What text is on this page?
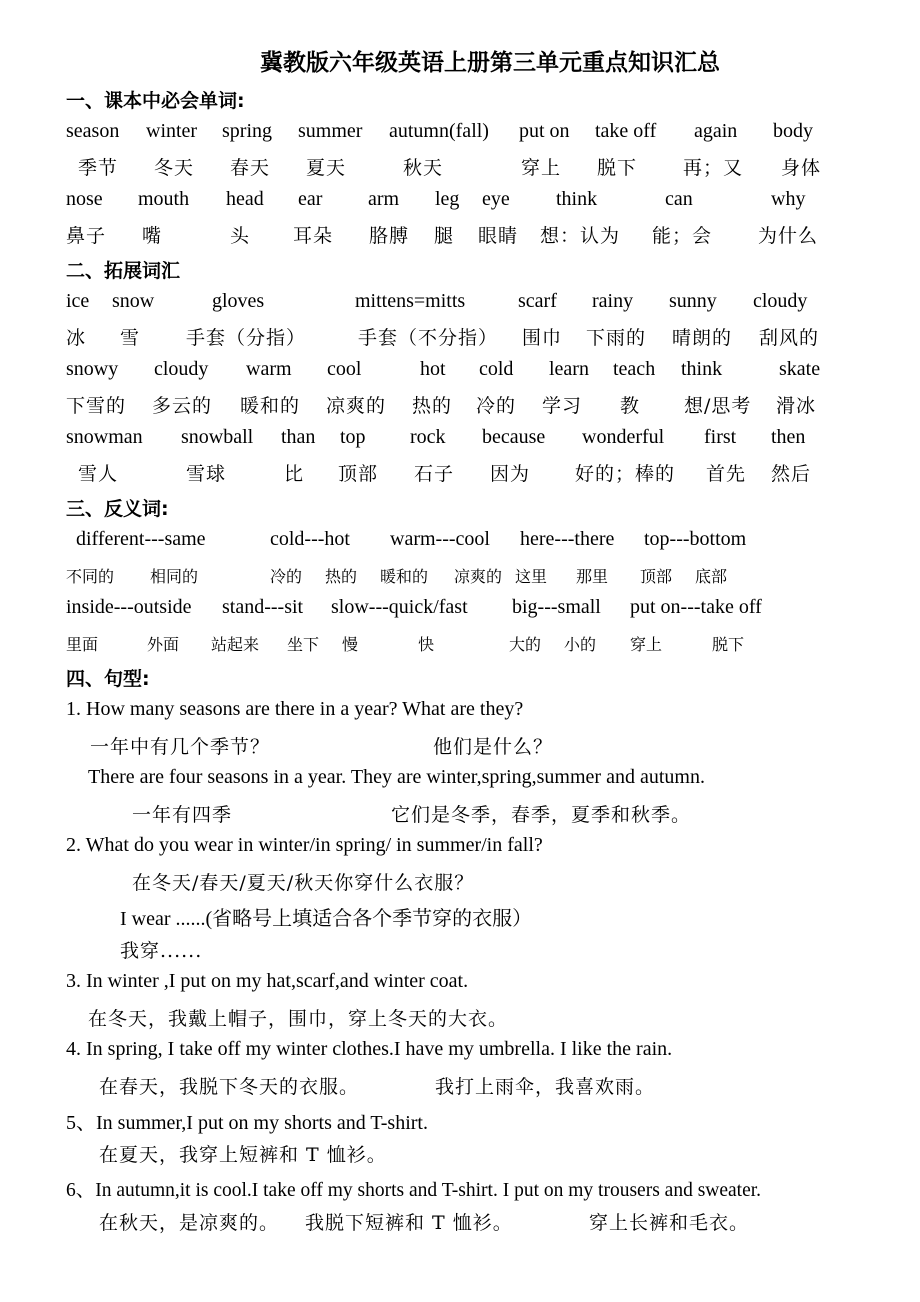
冀教版六年级英语上册第三单元重点知识汇总
一、课本中必会单词:
season winter spring summer autumn(fall) put on take off again body
季节 冬天 春天 夏天	秋天	穿上 脱下 再；又 身体
nose mouth head ear arm leg eye think	can	why
鼻子 嘴	头 耳朵 胳膊 腿 眼睛 想：认为 能；会 为什么
二、拓展词汇
ice snow	gloves	mittens=mitts	scarf rainy sunny cloudy
冰 雪 手套（分指）	手套（不分指） 围巾 下雨的 晴朗的 刮风的
snowy cloudy warm cool	hot cold learn teach think	skate
下雪的 多云的 暖和的 凉爽的 热的 冷的 学习 教 想/思考 滑冰
snowman snowball than top rock because wonderful first then
雪人	雪球	比 顶部 石子 因为 好的；棒的 首先 然后
三、反义词:
different---same	cold---hot warm---cool here---there top---bottom
不同的 相同的	冷的 热的 暖和的 凉爽的 这里 那里 顶部 底部
inside---outside stand---sit slow---quick/fast big---small put on---take off
里面	外面 站起来 坐下 慢	快	大的 小的 穿上	脱下
四、句型:
1. How many seasons are there in a year? What are they?
一年中有几个季节？	他们是什么？
There are four seasons in a year. They are winter,spring,summer and autumn.
一年有四季	它们是冬季，春季，夏季和秋季。
2. What do you wear in winter/in spring/ in summer/in fall?
在冬天/春天/夏天/秋天你穿什么衣服？
I wear ......(省略号上填适合各个季节穿的衣服）
我穿......
3. In winter ,I put on my hat,scarf,and winter coat.
在冬天，我戴上帽子，围巾，穿上冬天的大衣。
4. In spring, I take off my winter clothes.I have my umbrella. I like the rain.
在春天，我脱下冬天的衣服。	我打上雨伞，我喜欢雨。
5、In summer,I put on my shorts and T-shirt.
在夏天，我穿上短裤和 T 恤衫。
6、In autumn,it is cool.I take off my shorts and T-shirt. I put on my trousers and sweater.
在秋天，是凉爽的。 我脱下短裤和 T 恤衫。	穿上长裤和毛衣。
